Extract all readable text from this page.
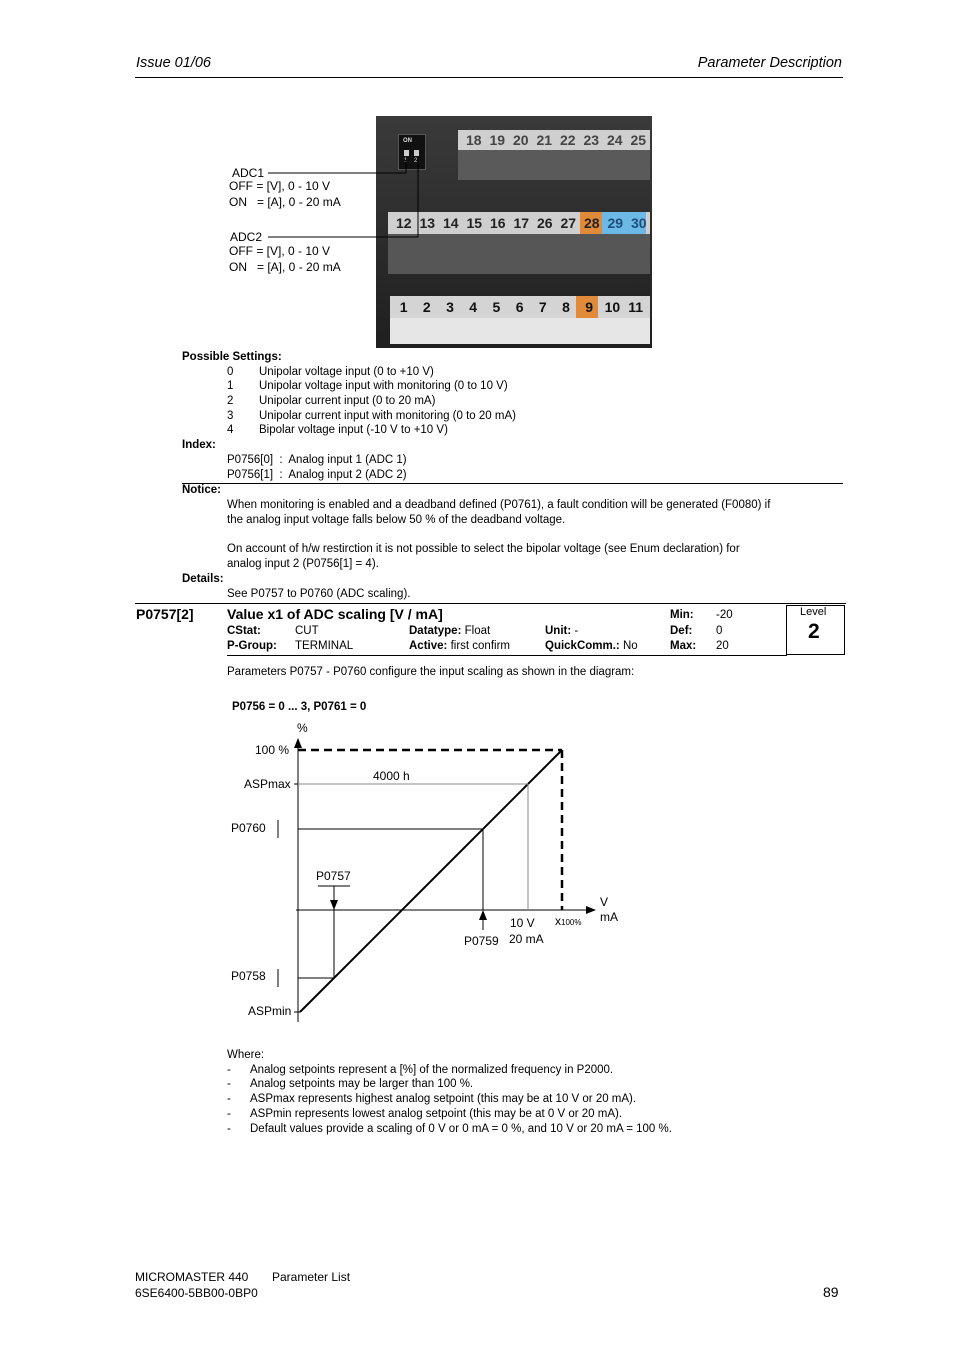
Issue 01/06	Parameter Description
ON
1 2
18 19 20 21 22 23 24 25
12 13 14 15 16 17 26 27 28 29 30
1	2	3	4	5	6	7	8	9 10 11
ADC1
OFF = [V], 0 - 10 V
ON   = [A], 0 - 20 mA
ADC2
OFF = [V], 0 - 10 V
ON   = [A], 0 - 20 mA
Possible Settings:
0 Unipolar voltage input (0 to +10 V)
1 Unipolar voltage input with monitoring (0 to 10 V)
2 Unipolar current input (0 to 20 mA)
3 Unipolar current input with monitoring (0 to 20 mA)
4 Bipolar voltage input (-10 V to +10 V)
Index:
P0756[0]  :  Analog input 1 (ADC 1)
P0756[1]  :  Analog input 2 (ADC 2)
Notice:
When monitoring is enabled and a deadband defined (P0761), a fault condition will be generated (F0080) if
the analog input voltage falls below 50 % of the deadband voltage.
On account of h/w restirction it is not possible to select the bipolar voltage (see Enum declaration) for
analog input 2 (P0756[1] = 4).
Details:
See P0757 to P0760 (ADC scaling).
Level
2
P0757[2] Value x1 of ADC scaling [V / mA]	Min: -20
CStat:	CUT	Datatype: Float	Unit: -	Def: 0
P-Group: TERMINAL	Active: first confirm	QuickComm.: No	Max: 20
Parameters P0757 - P0760 configure the input scaling as shown in the diagram:
P0756 = 0 ... 3, P0761 = 0
%
100 %
ASPmax
4000 h
P0760
P0757
V
mA
10 V
20 mA
x100%
P0759
P0758
ASPmin
Where:
- Analog setpoints represent a [%] of the normalized frequency in P2000.
- Analog setpoints may be larger than 100 %.
- ASPmax represents highest analog setpoint (this may be at 10 V or 20 mA).
- ASPmin represents lowest analog setpoint (this may be at 0 V or 20 mA).
- Default values provide a scaling of 0 V or 0 mA = 0 %, and 10 V or 20 mA = 100 %.
MICROMASTER 440 Parameter List
6SE6400-5BB00-0BP0	89
